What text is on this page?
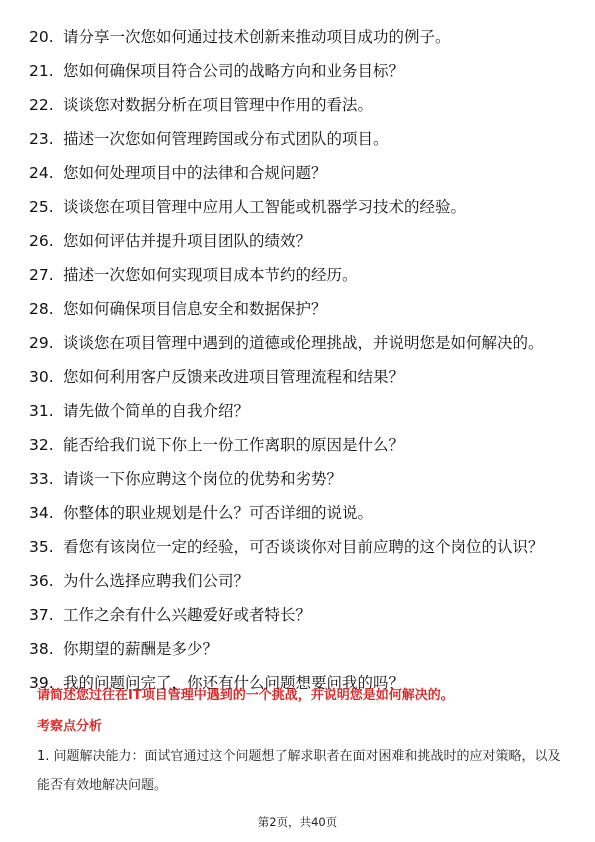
20. 请分享一次您如何通过技术创新来推动项目成功的例子。
21. 您如何确保项目符合公司的战略方向和业务目标？
22. 谈谈您对数据分析在项目管理中作用的看法。
23. 描述一次您如何管理跨国或分布式团队的项目。
24. 您如何处理项目中的法律和合规问题？
25. 谈谈您在项目管理中应用人工智能或机器学习技术的经验。
26. 您如何评估并提升项目团队的绩效？
27. 描述一次您如何实现项目成本节约的经历。
28. 您如何确保项目信息安全和数据保护？
29. 谈谈您在项目管理中遇到的道德或伦理挑战，并说明您是如何解决的。
30. 您如何利用客户反馈来改进项目管理流程和结果？
31. 请先做个简单的自我介绍？
32. 能否给我们说下你上一份工作离职的原因是什么？
33. 请谈一下你应聘这个岗位的优势和劣势？
34. 你整体的职业规划是什么？可否详细的说说。
35. 看您有该岗位一定的经验，可否谈谈你对目前应聘的这个岗位的认识？
36. 为什么选择应聘我们公司？
37. 工作之余有什么兴趣爱好或者特长？
38. 你期望的薪酬是多少？
39. 我的问题问完了，你还有什么问题想要问我的吗？
请简述您过往在IT项目管理中遇到的一个挑战，并说明您是如何解决的。
考察点分析
1. 问题解决能力：面试官通过这个问题想了解求职者在面对困难和挑战时的应对策略，以及能否有效地解决问题。
第2页，共40页
